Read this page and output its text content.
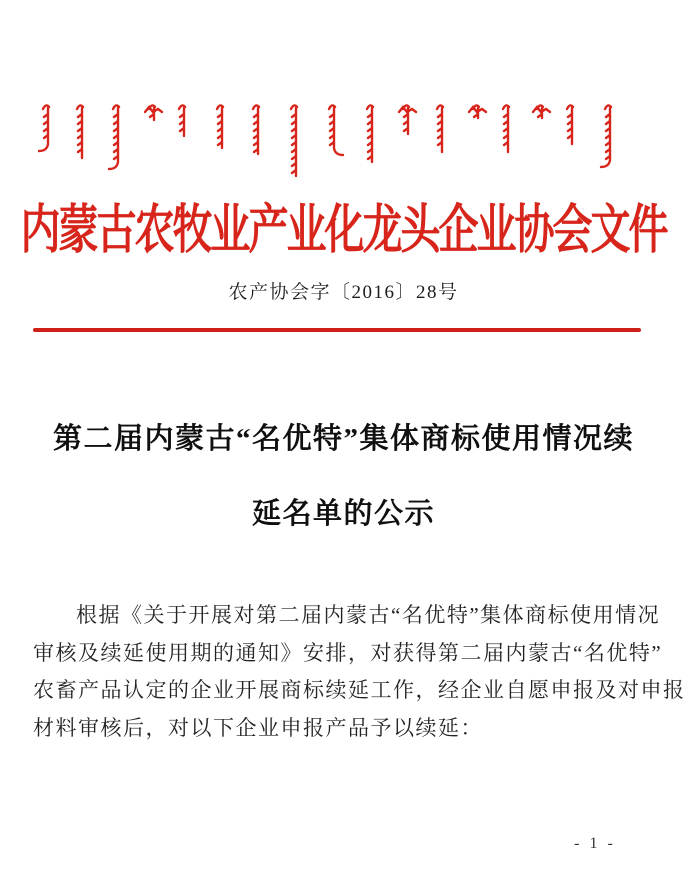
内蒙古农牧业产业化龙头企业协会文件
农产协会字〔2016〕28号
第二届内蒙古“名优特”集体商标使用情况续
延名单的公示
根据《关于开展对第二届内蒙古“名优特”集体商标使用情况
审核及续延使用期的通知》安排，对获得第二届内蒙古“名优特”
农畜产品认定的企业开展商标续延工作，经企业自愿申报及对申报
材料审核后，对以下企业申报产品予以续延：
- 1 -
